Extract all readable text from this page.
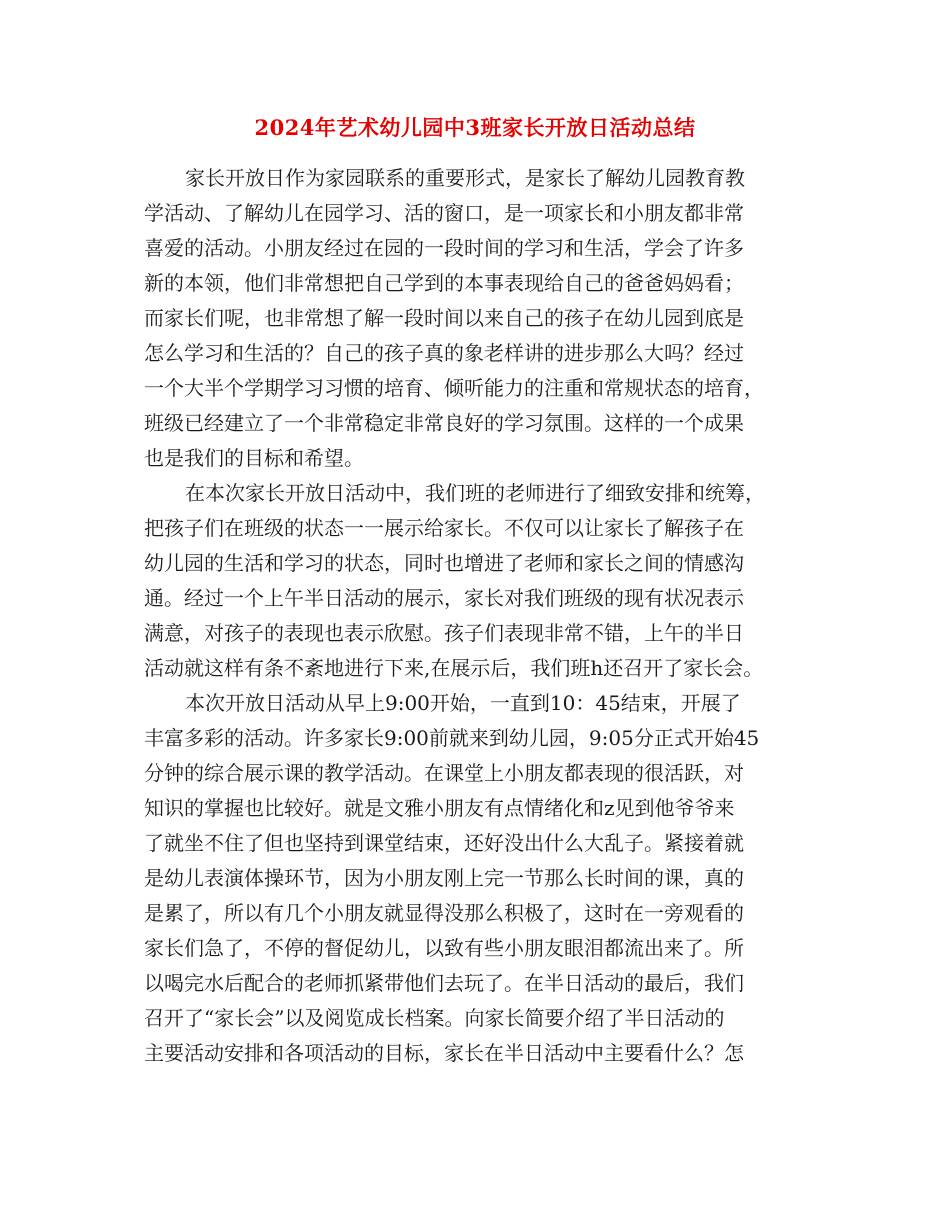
2024年艺术幼儿园中3班家长开放日活动总结

家长开放日作为家园联系的重要形式，是家长了解幼儿园教育教
学活动、了解幼儿在园学习、活的窗口，是一项家长和小朋友都非常
喜爱的活动。小朋友经过在园的一段时间的学习和生活，学会了许多
新的本领，他们非常想把自己学到的本事表现给自己的爸爸妈妈看；
而家长们呢，也非常想了解一段时间以来自己的孩子在幼儿园到底是
怎么学习和生活的？自己的孩子真的象老样讲的进步那么大吗？经过
一个大半个学期学习习惯的培育、倾听能力的注重和常规状态的培育，
班级已经建立了一个非常稳定非常良好的学习氛围。这样的一个成果
也是我们的目标和希望。

在本次家长开放日活动中，我们班的老师进行了细致安排和统筹，
把孩子们在班级的状态一一展示给家长。不仅可以让家长了解孩子在
幼儿园的生活和学习的状态，同时也增进了老师和家长之间的情感沟
通。经过一个上午半日活动的展示，家长对我们班级的现有状况表示
满意，对孩子的表现也表示欣慰。孩子们表现非常不错，上午的半日
活动就这样有条不紊地进行下来,在展示后，我们班h还召开了家长会。

本次开放日活动从早上9:00开始，一直到10：45结束，开展了
丰富多彩的活动。许多家长9:00前就来到幼儿园，9:05分正式开始45
分钟的综合展示课的教学活动。在课堂上小朋友都表现的很活跃，对
知识的掌握也比较好。就是文雅小朋友有点情绪化和z见到他爷爷来
了就坐不住了但也坚持到课堂结束，还好没出什么大乱子。紧接着就
是幼儿表演体操环节，因为小朋友刚上完一节那么长时间的课，真的
是累了，所以有几个小朋友就显得没那么积极了，这时在一旁观看的
家长们急了，不停的督促幼儿，以致有些小朋友眼泪都流出来了。所
以喝完水后配合的老师抓紧带他们去玩了。在半日活动的最后，我们
召开了“家长会”以及阅览成长档案。向家长简要介绍了半日活动的
主要活动安排和各项活动的目标，家长在半日活动中主要看什么？怎
